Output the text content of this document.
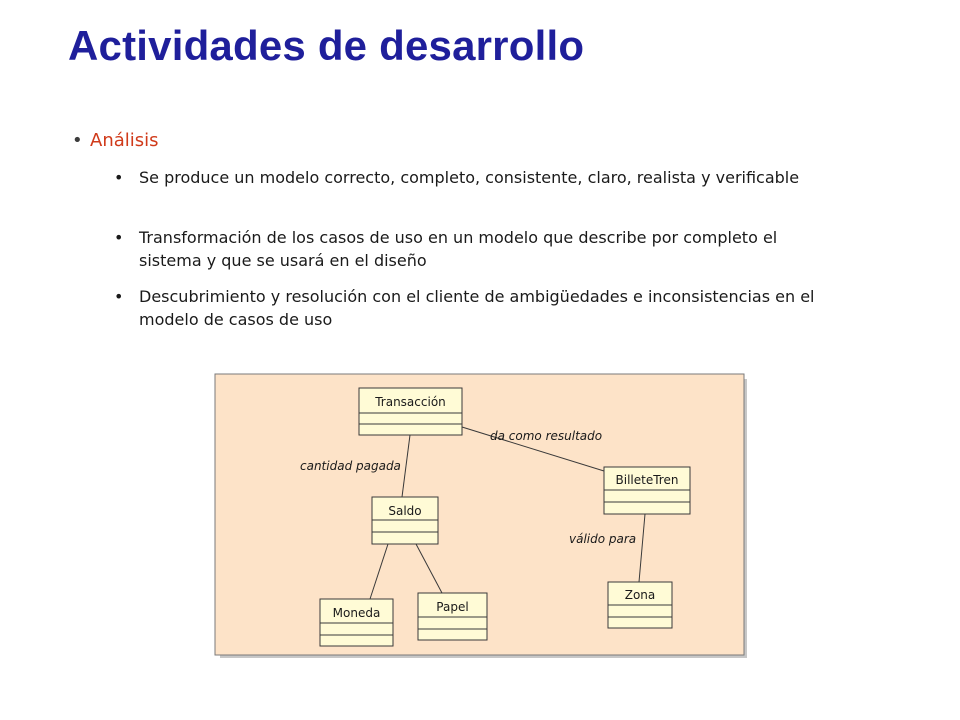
Actividades de desarrollo
• Análisis
• Se produce un modelo correcto, completo, consistente, claro, realista y verificable
• Transformación de los casos de uso en un modelo que describe por completo el sistema y que se usará en el diseño
• Descubrimiento y resolución con el cliente de ambigüedades e inconsistencias en el modelo de casos de uso
da como resultado
cantidad pagada
válido para
Transacción
BilleteTren
Saldo
Moneda	Papel
Zona
